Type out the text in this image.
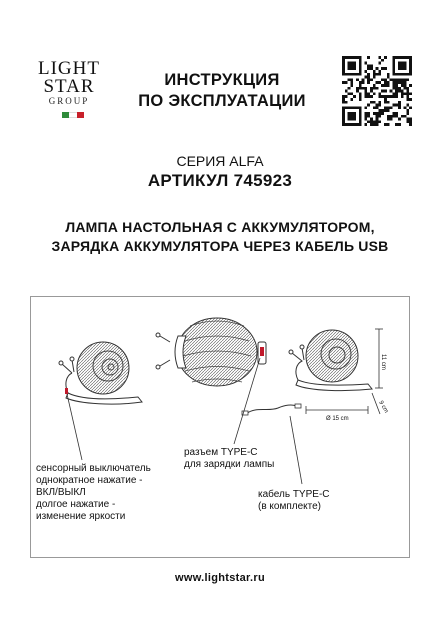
LIGHT
STAR
GROUP
ИНСТРУКЦИЯ
ПО ЭКСПЛУАТАЦИИ
СЕРИЯ ALFA
АРТИКУЛ 745923
ЛАМПА НАСТОЛЬНАЯ С АККУМУЛЯТОРОМ,
ЗАРЯДКА АККУМУЛЯТОРА ЧЕРЕЗ КАБЕЛЬ USB
11 cm
Ø 15 cm
9 cm
сенсорный выключатель
однократное нажатие -
ВКЛ/ВЫКЛ
долгое нажатие -
изменение яркости
разъем TYPE-C
для зарядки лампы
кабель TYPE-C
(в комплекте)
www.lightstar.ru
